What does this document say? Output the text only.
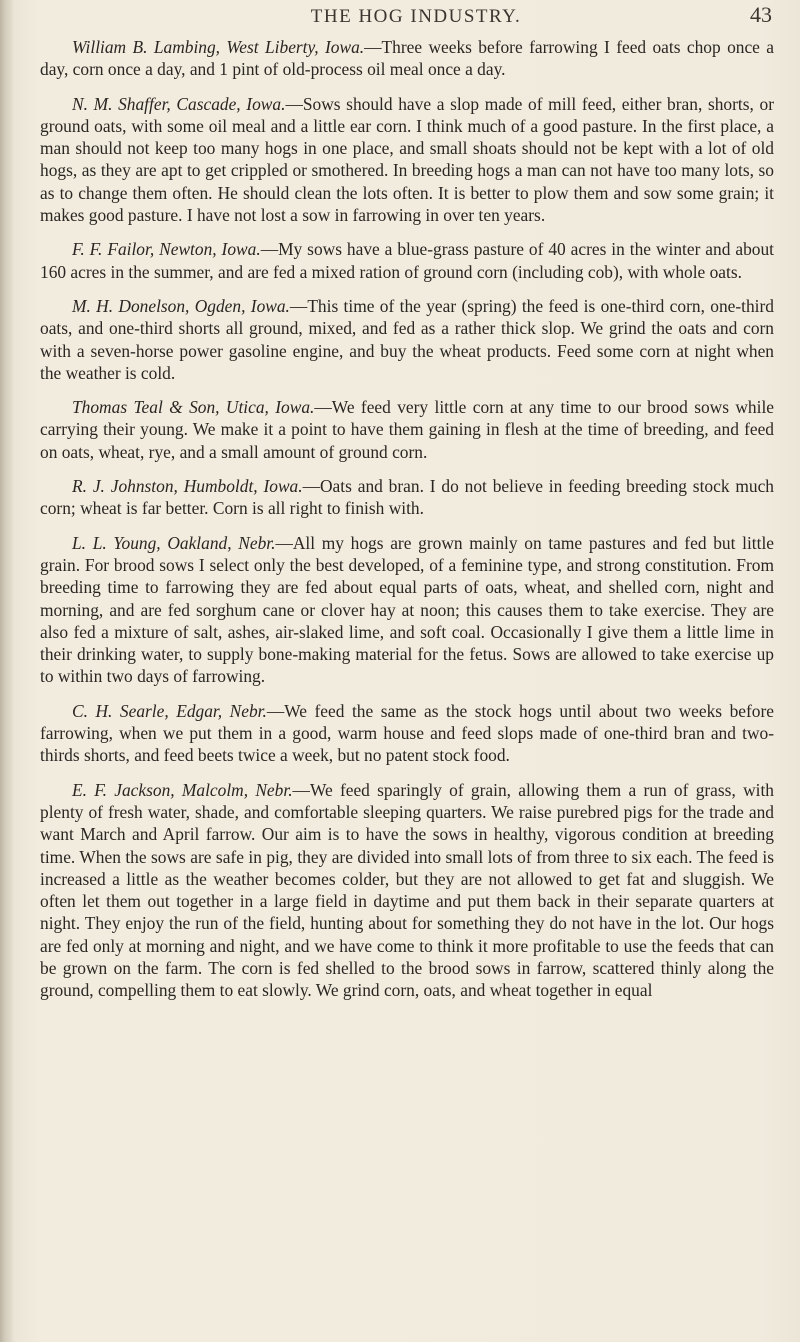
THE HOG INDUSTRY.	43

William B. Lambing, West Liberty, Iowa.—Three weeks before farrowing I feed oats chop once a day, corn once a day, and 1 pint of old-process oil meal once a day.

N. M. Shaffer, Cascade, Iowa.—Sows should have a slop made of mill feed, either bran, shorts, or ground oats, with some oil meal and a little ear corn. I think much of a good pasture. In the first place, a man should not keep too many hogs in one place, and small shoats should not be kept with a lot of old hogs, as they are apt to get crippled or smothered. In breeding hogs a man can not have too many lots, so as to change them often. He should clean the lots often. It is better to plow them and sow some grain; it makes good pasture. I have not lost a sow in farrowing in over ten years.

F. F. Failor, Newton, Iowa.—My sows have a blue-grass pasture of 40 acres in the winter and about 160 acres in the summer, and are fed a mixed ration of ground corn (including cob), with whole oats.

M. H. Donelson, Ogden, Iowa.—This time of the year (spring) the feed is one-third corn, one-third oats, and one-third shorts all ground, mixed, and fed as a rather thick slop. We grind the oats and corn with a seven-horse power gasoline engine, and buy the wheat products. Feed some corn at night when the weather is cold.

Thomas Teal & Son, Utica, Iowa.—We feed very little corn at any time to our brood sows while carrying their young. We make it a point to have them gaining in flesh at the time of breeding, and feed on oats, wheat, rye, and a small amount of ground corn.

R. J. Johnston, Humboldt, Iowa.—Oats and bran. I do not believe in feeding breeding stock much corn; wheat is far better. Corn is all right to finish with.

L. L. Young, Oakland, Nebr.—All my hogs are grown mainly on tame pastures and fed but little grain. For brood sows I select only the best developed, of a feminine type, and strong constitution. From breeding time to farrowing they are fed about equal parts of oats, wheat, and shelled corn, night and morning, and are fed sorghum cane or clover hay at noon; this causes them to take exercise. They are also fed a mixture of salt, ashes, air-slaked lime, and soft coal. Occasionally I give them a little lime in their drinking water, to supply bone-making material for the fetus. Sows are allowed to take exercise up to within two days of farrowing.

C. H. Searle, Edgar, Nebr.—We feed the same as the stock hogs until about two weeks before farrowing, when we put them in a good, warm house and feed slops made of one-third bran and two-thirds shorts, and feed beets twice a week, but no patent stock food.

E. F. Jackson, Malcolm, Nebr.—We feed sparingly of grain, allowing them a run of grass, with plenty of fresh water, shade, and comfortable sleeping quarters. We raise purebred pigs for the trade and want March and April farrow. Our aim is to have the sows in healthy, vigorous condition at breeding time. When the sows are safe in pig, they are divided into small lots of from three to six each. The feed is increased a little as the weather becomes colder, but they are not allowed to get fat and sluggish. We often let them out together in a large field in daytime and put them back in their separate quarters at night. They enjoy the run of the field, hunting about for something they do not have in the lot. Our hogs are fed only at morning and night, and we have come to think it more profitable to use the feeds that can be grown on the farm. The corn is fed shelled to the brood sows in farrow, scattered thinly along the ground, compelling them to eat slowly. We grind corn, oats, and wheat together in equal
